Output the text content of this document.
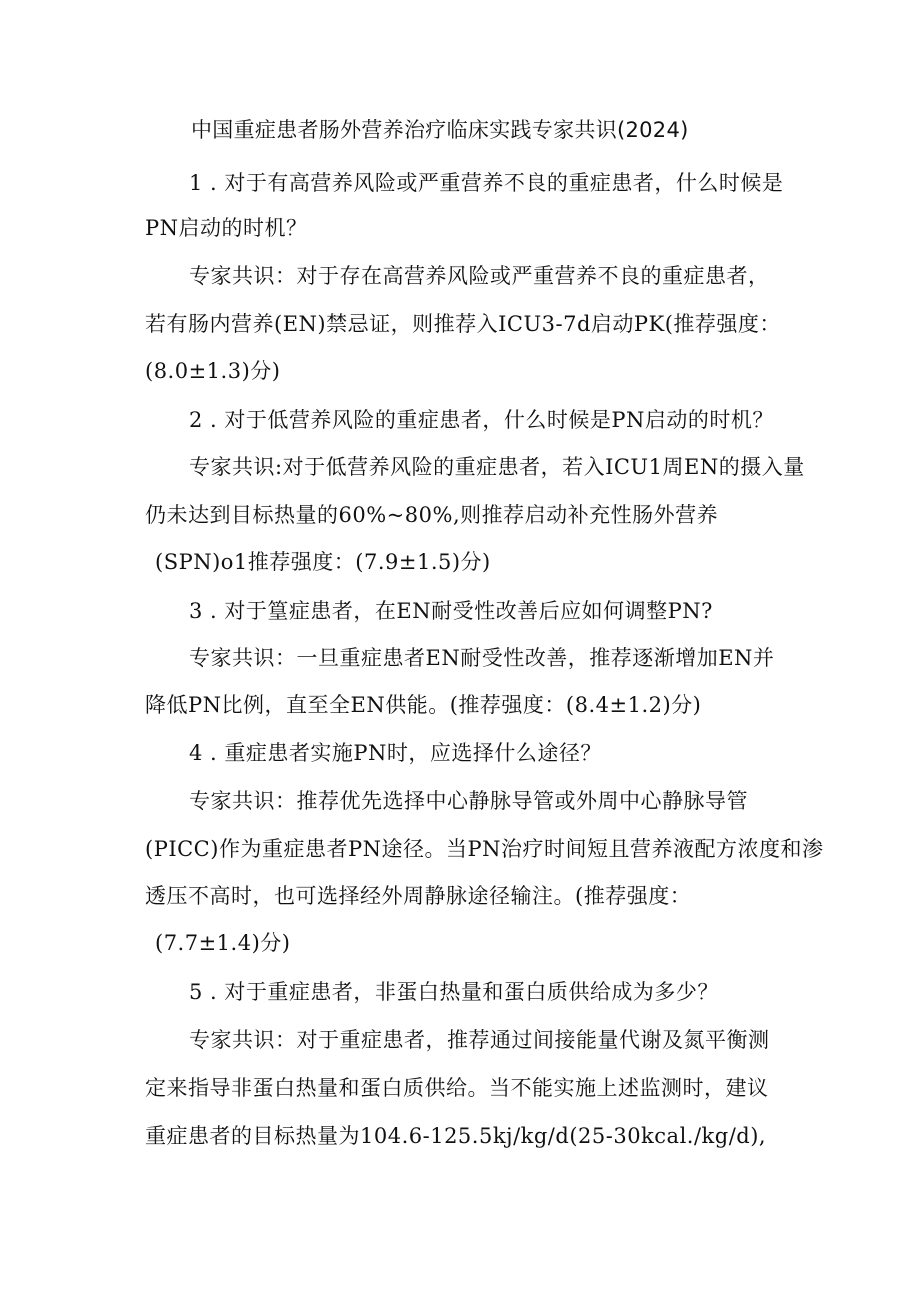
中国重症患者肠外营养治疗临床实践专家共识(2024)
1 . 对于有高营养风险或严重营养不良的重症患者，什么时候是
PN启动的时机？
专家共识：对于存在高营养风险或严重营养不良的重症患者，
若有肠内营养(EN)禁忌证，则推荐入ICU3-7d启动PK(推荐强度：
(8.0±1.3)分)
2 . 对于低营养风险的重症患者，什么时候是PN启动的时机？
专家共识:对于低营养风险的重症患者，若入ICU1周EN的摄入量
仍未达到目标热量的60%~80%,则推荐启动补充性肠外营养
(SPN)o1推荐强度：(7.9±1.5)分)
3 . 对于篁症患者，在EN耐受性改善后应如何调整PN?
专家共识：一旦重症患者EN耐受性改善，推荐逐渐增加EN并
降低PN比例，直至全EN供能。(推荐强度：(8.4±1.2)分)
4 . 重症患者实施PN时，应选择什么途径？
专家共识：推荐优先选择中心静脉导管或外周中心静脉导管
(PICC)作为重症患者PN途径。当PN治疗时间短且营养液配方浓度和渗
透压不高时，也可选择经外周静脉途径输注。(推荐强度：
(7.7±1.4)分)
5 . 对于重症患者，非蛋白热量和蛋白质供给成为多少？
专家共识：对于重症患者，推荐通过间接能量代谢及氮平衡测
定来指导非蛋白热量和蛋白质供给。当不能实施上述监测时，建议
重症患者的目标热量为104.6-125.5kj/kg/d(25-30kcal./kg/d),
